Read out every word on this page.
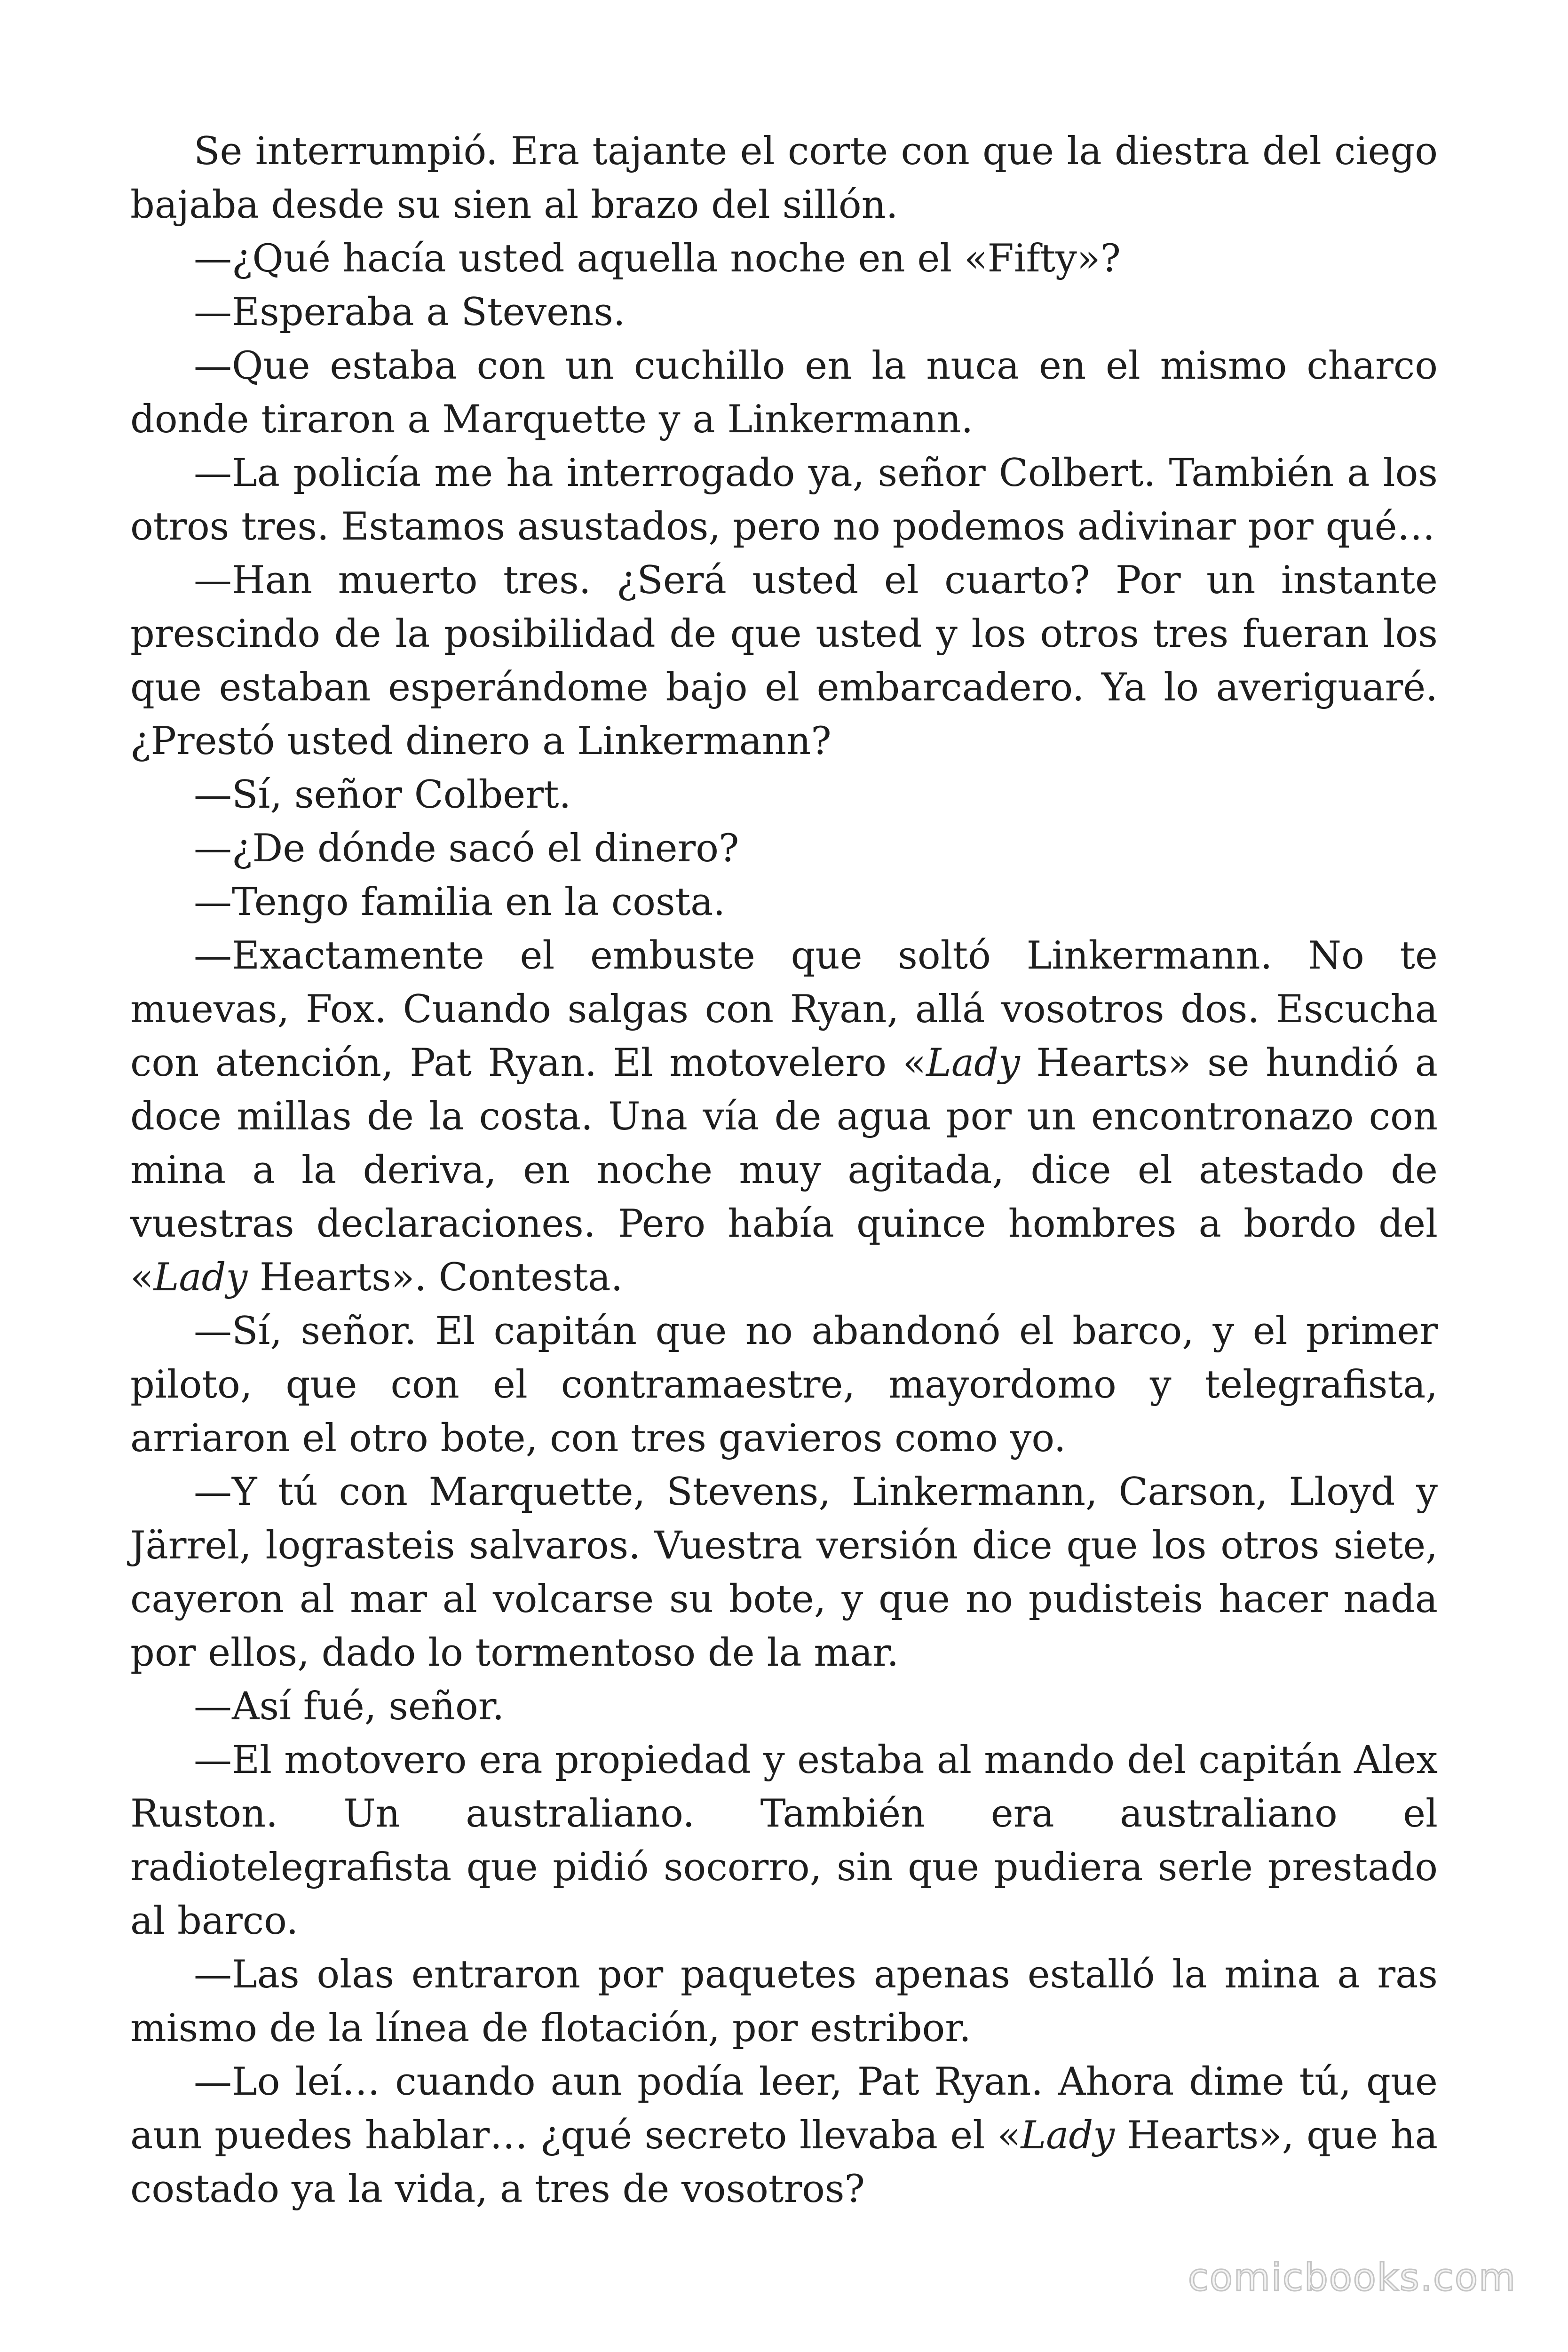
Se interrumpió. Era tajante el corte con que la diestra del ciego bajaba desde su sien al brazo del sillón.

—¿Qué hacía usted aquella noche en el «Fifty»?

—Esperaba a Stevens.

—Que estaba con un cuchillo en la nuca en el mismo charco donde tiraron a Marquette y a Linkermann.

—La policía me ha interrogado ya, señor Colbert. También a los otros tres. Estamos asustados, pero no podemos adivinar por qué…

—Han muerto tres. ¿Será usted el cuarto? Por un instante prescindo de la posibilidad de que usted y los otros tres fueran los que estaban esperándome bajo el embarcadero. Ya lo averiguaré. ¿Prestó usted dinero a Linkermann?

—Sí, señor Colbert.

—¿De dónde sacó el dinero?

—Tengo familia en la costa.

—Exactamente el embuste que soltó Linkermann. No te muevas, Fox. Cuando salgas con Ryan, allá vosotros dos. Escucha con atención, Pat Ryan. El motovelero «Lady Hearts» se hundió a doce millas de la costa. Una vía de agua por un encontronazo con mina a la deriva, en noche muy agitada, dice el atestado de vuestras declaraciones. Pero había quince hombres a bordo del «Lady Hearts». Contesta.

—Sí, señor. El capitán que no abandonó el barco, y el primer piloto, que con el contramaestre, mayordomo y telegrafista, arriaron el otro bote, con tres gavieros como yo.

—Y tú con Marquette, Stevens, Linkermann, Carson, Lloyd y Järrel, lograsteis salvaros. Vuestra versión dice que los otros siete, cayeron al mar al volcarse su bote, y que no pudisteis hacer nada por ellos, dado lo tormentoso de la mar.

—Así fué, señor.

—El motovero era propiedad y estaba al mando del capitán Alex Ruston. Un australiano. También era australiano el radiotelegrafista que pidió socorro, sin que pudiera serle prestado al barco.

—Las olas entraron por paquetes apenas estalló la mina a ras mismo de la línea de flotación, por estribor.

—Lo leí… cuando aun podía leer, Pat Ryan. Ahora dime tú, que aun puedes hablar… ¿qué secreto llevaba el «Lady Hearts», que ha costado ya la vida, a tres de vosotros?

comicbooks.com
